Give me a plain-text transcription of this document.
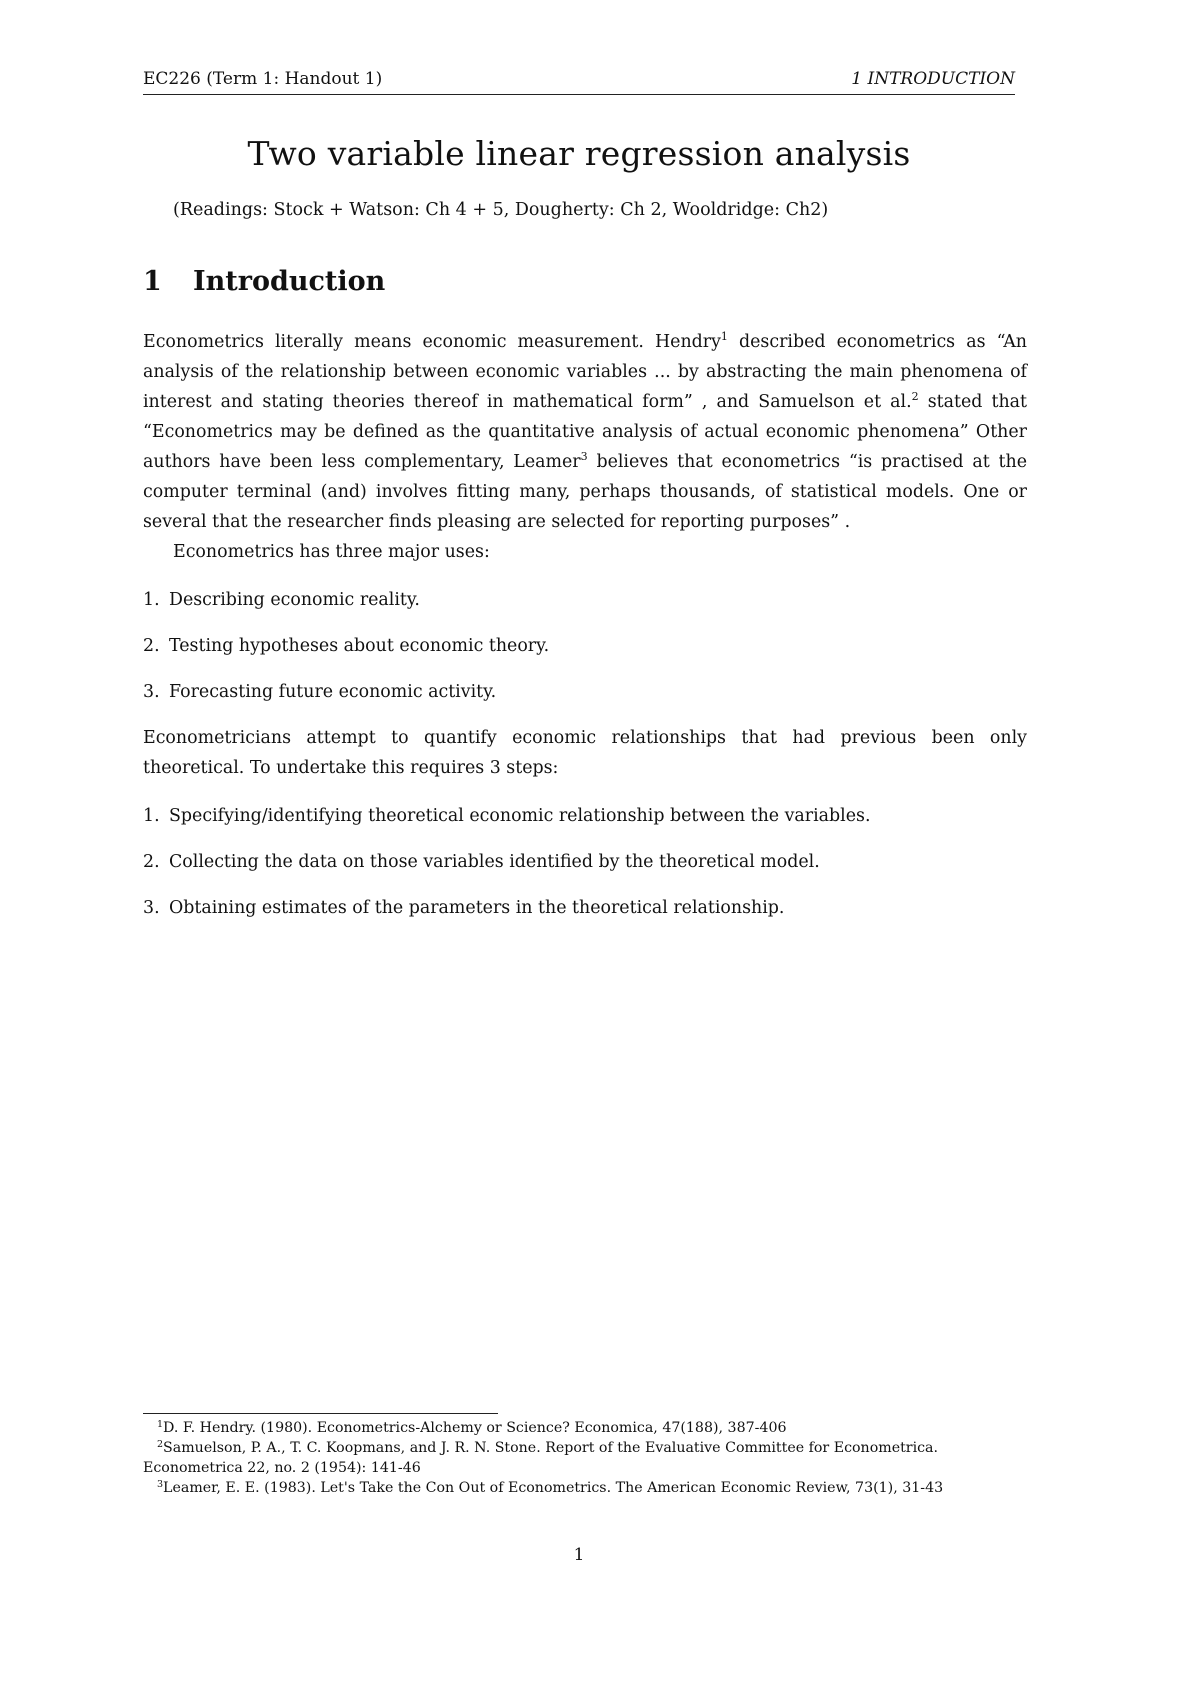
EC226 (Term 1: Handout 1)	1 INTRODUCTION
Two variable linear regression analysis
(Readings: Stock + Watson: Ch 4 + 5, Dougherty: Ch 2, Wooldridge: Ch2)
1 Introduction

Econometrics literally means economic measurement. Hendry$^1$ described econometrics as “An analysis of the relationship between economic variables ... by abstracting the main phenomena of interest and stating theories thereof in mathematical form” , and Samuelson et al.$^2$ stated that “Econometrics may be defined as the quantitative analysis of actual economic phenomena” Other authors have been less complementary, Leamer$^3$ believes that econometrics “is practised at the computer terminal (and) involves fitting many, perhaps thousands, of statistical models. One or several that the researcher finds pleasing are selected for reporting purposes” .

Econometrics has three major uses:

1. Describing economic reality.
2. Testing hypotheses about economic theory.
3. Forecasting future economic activity.

Econometricians attempt to quantify economic relationships that had previous been only theoretical. To undertake this requires 3 steps:

1. Specifying/identifying theoretical economic relationship between the variables.
2. Collecting the data on those variables identified by the theoretical model.
3. Obtaining estimates of the parameters in the theoretical relationship.

$^1$D. F. Hendry. (1980). Econometrics-Alchemy or Science? Economica, 47(188), 387-406

$^2$Samuelson, P. A., T. C. Koopmans, and J. R. N. Stone. Report of the Evaluative Committee for Econometrica. Econometrica 22, no. 2 (1954): 141-46

$^3$Leamer, E. E. (1983). Let's Take the Con Out of Econometrics. The American Economic Review, 73(1), 31-43

1
